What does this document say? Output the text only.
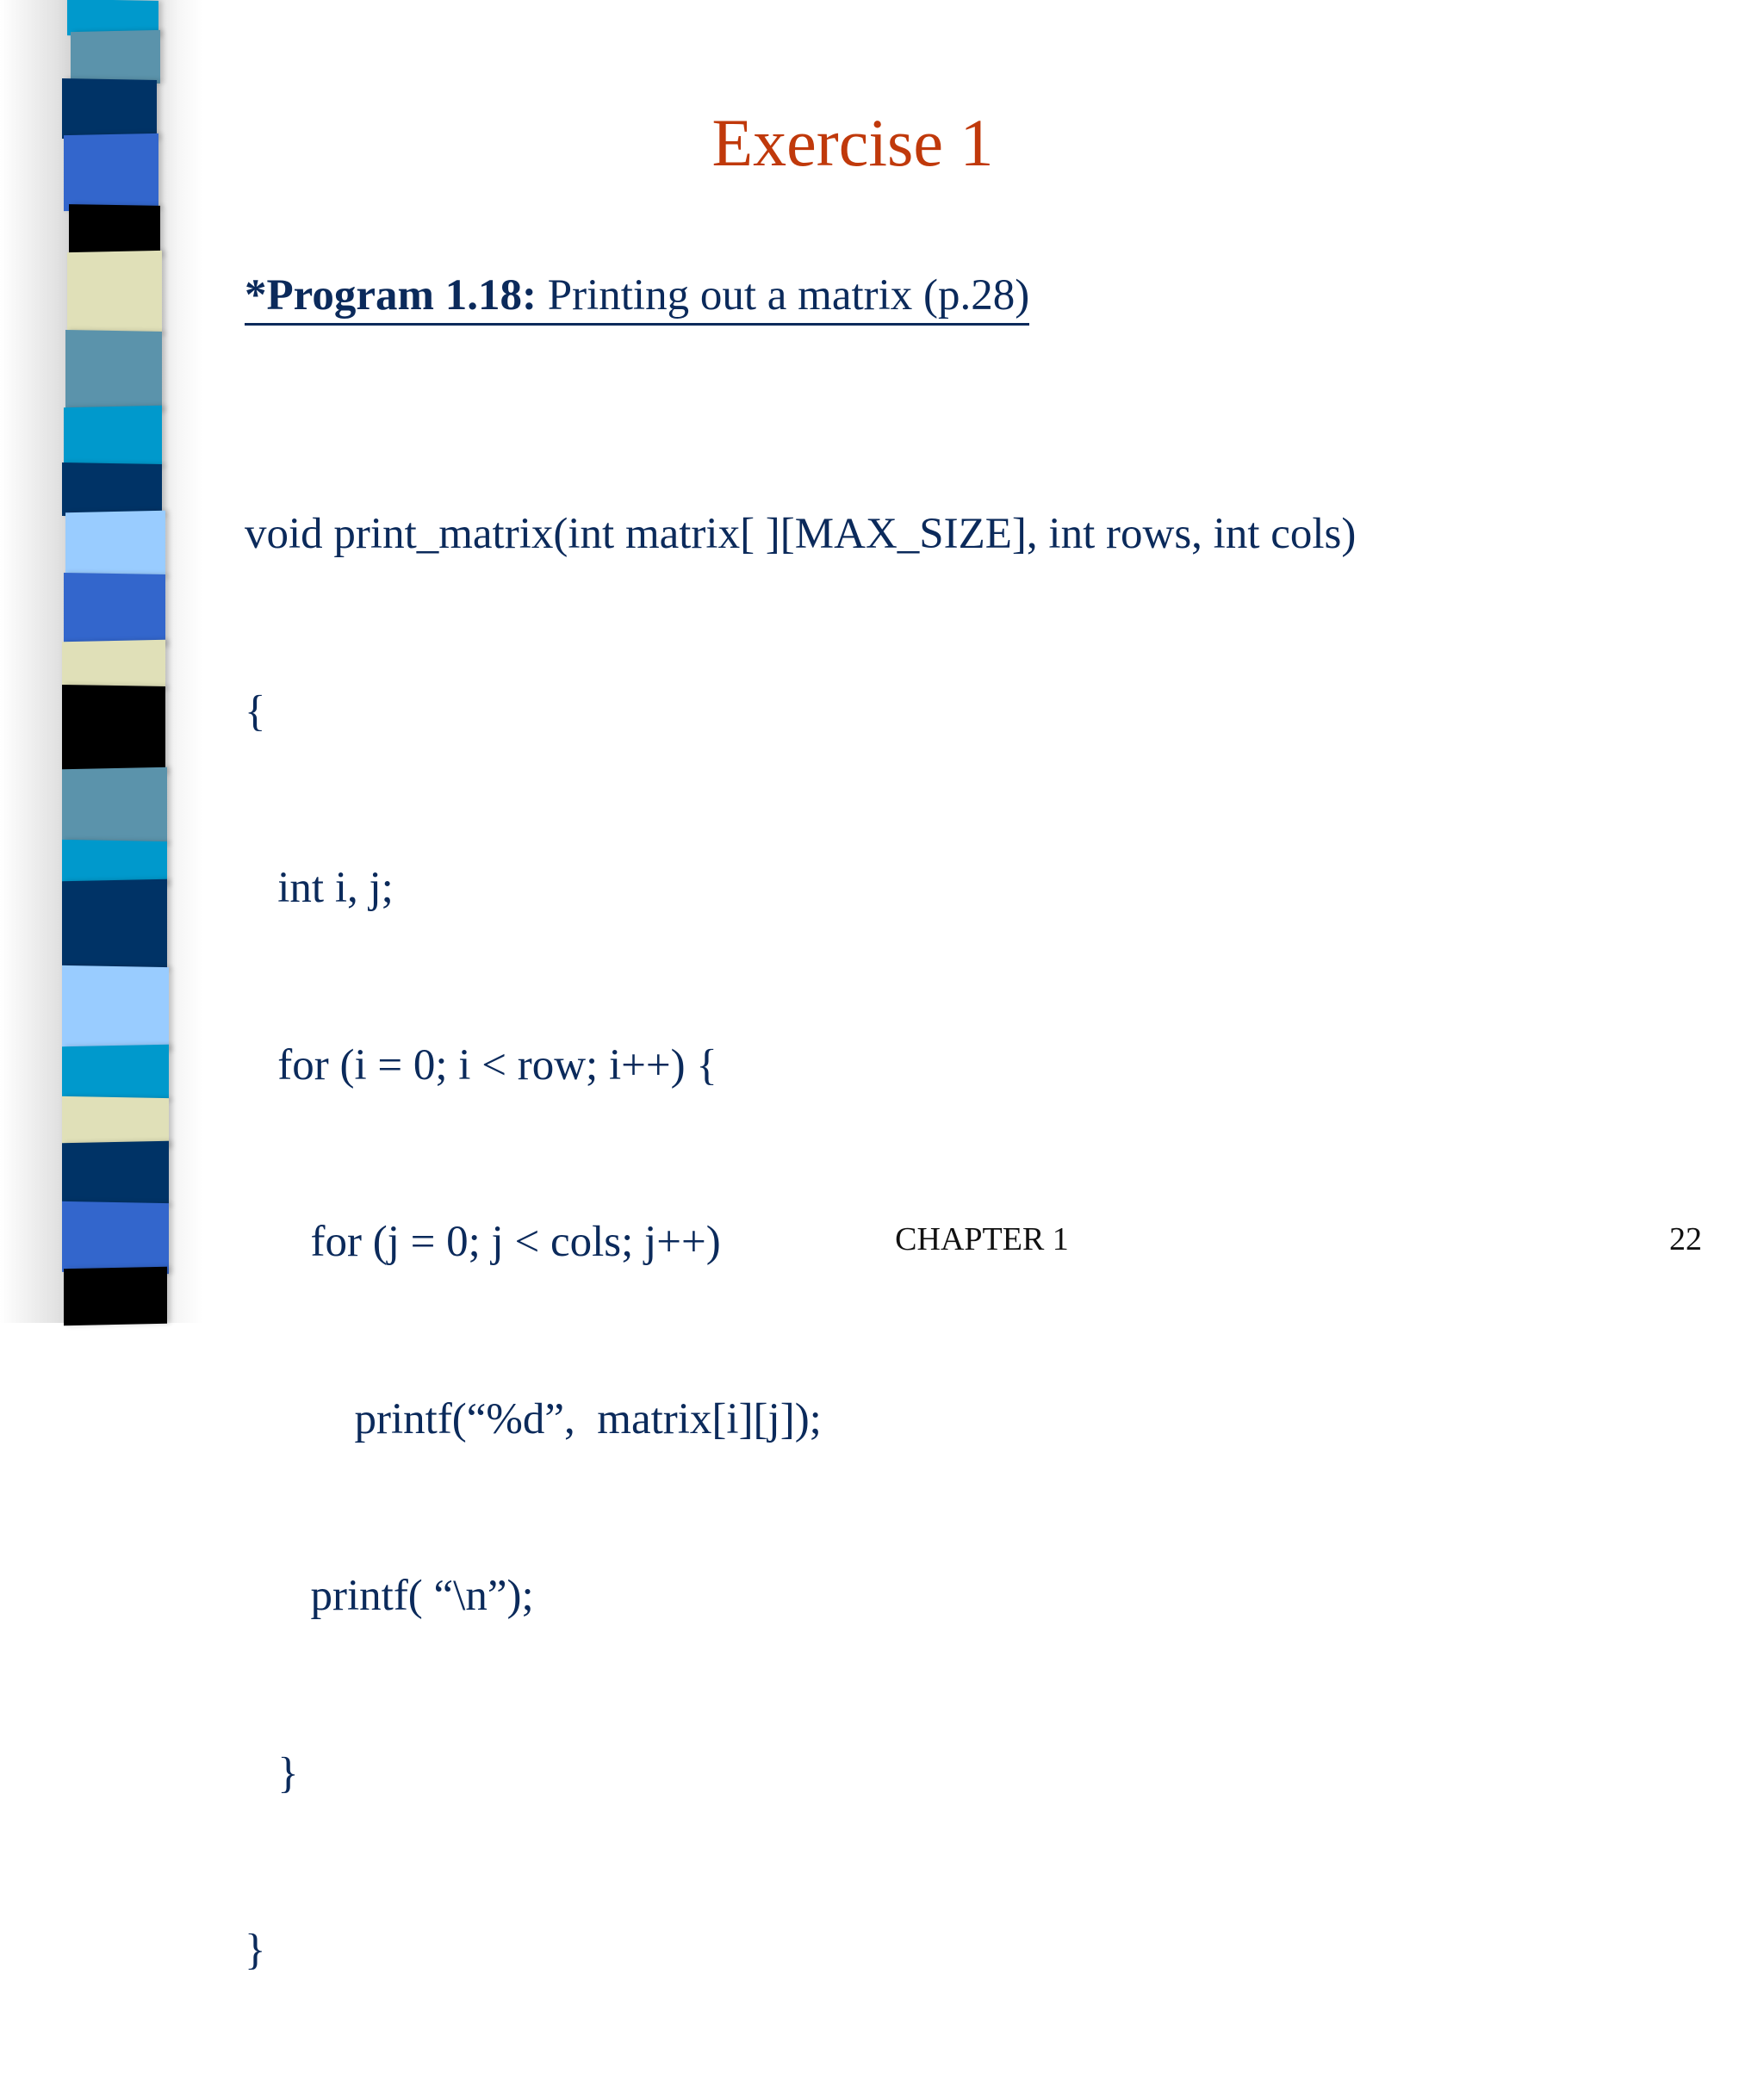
Exercise 1
*Program 1.18: Printing out a matrix (p.28)

void print_matrix(int matrix[ ][MAX_SIZE], int rows, int cols)

{

int i, j;

for (i = 0; i < row; i++) {

for (j = 0; j < cols; j++)

printf(“%d”,  matrix[i][j]);

printf( “\n”);

}

}

CHAPTER 1	22
